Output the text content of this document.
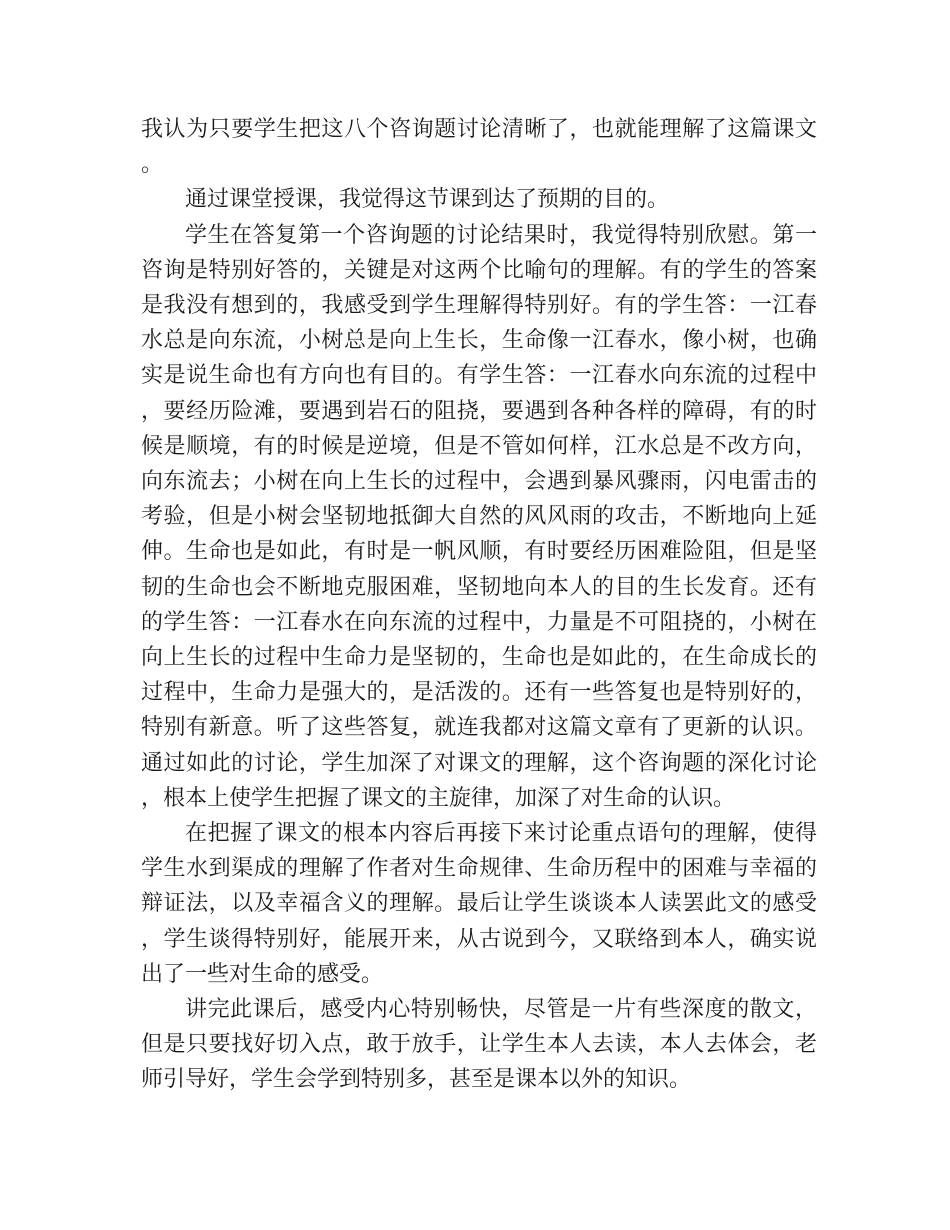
我认为只要学生把这八个咨询题讨论清晰了，也就能理解了这篇课文。

通过课堂授课，我觉得这节课到达了预期的目的。

学生在答复第一个咨询题的讨论结果时，我觉得特别欣慰。第一咨询是特别好答的，关键是对这两个比喻句的理解。有的学生的答案是我没有想到的，我感受到学生理解得特别好。有的学生答：一江春水总是向东流，小树总是向上生长，生命像一江春水，像小树，也确实是说生命也有方向也有目的。有学生答：一江春水向东流的过程中，要经历险滩，要遇到岩石的阻挠，要遇到各种各样的障碍，有的时候是顺境，有的时候是逆境，但是不管如何样，江水总是不改方向，向东流去；小树在向上生长的过程中，会遇到暴风骤雨，闪电雷击的考验，但是小树会坚韧地抵御大自然的风风雨的攻击，不断地向上延伸。生命也是如此，有时是一帆风顺，有时要经历困难险阻，但是坚韧的生命也会不断地克服困难，坚韧地向本人的目的生长发育。还有的学生答：一江春水在向东流的过程中，力量是不可阻挠的，小树在向上生长的过程中生命力是坚韧的，生命也是如此的，在生命成长的过程中，生命力是强大的，是活泼的。还有一些答复也是特别好的，特别有新意。听了这些答复，就连我都对这篇文章有了更新的认识。通过如此的讨论，学生加深了对课文的理解，这个咨询题的深化讨论，根本上使学生把握了课文的主旋律，加深了对生命的认识。

在把握了课文的根本内容后再接下来讨论重点语句的理解，使得学生水到渠成的理解了作者对生命规律、生命历程中的困难与幸福的辩证法，以及幸福含义的理解。最后让学生谈谈本人读罢此文的感受，学生谈得特别好，能展开来，从古说到今，又联络到本人，确实说出了一些对生命的感受。

讲完此课后，感受内心特别畅快，尽管是一片有些深度的散文，但是只要找好切入点，敢于放手，让学生本人去读，本人去体会，老师引导好，学生会学到特别多，甚至是课本以外的知识。
